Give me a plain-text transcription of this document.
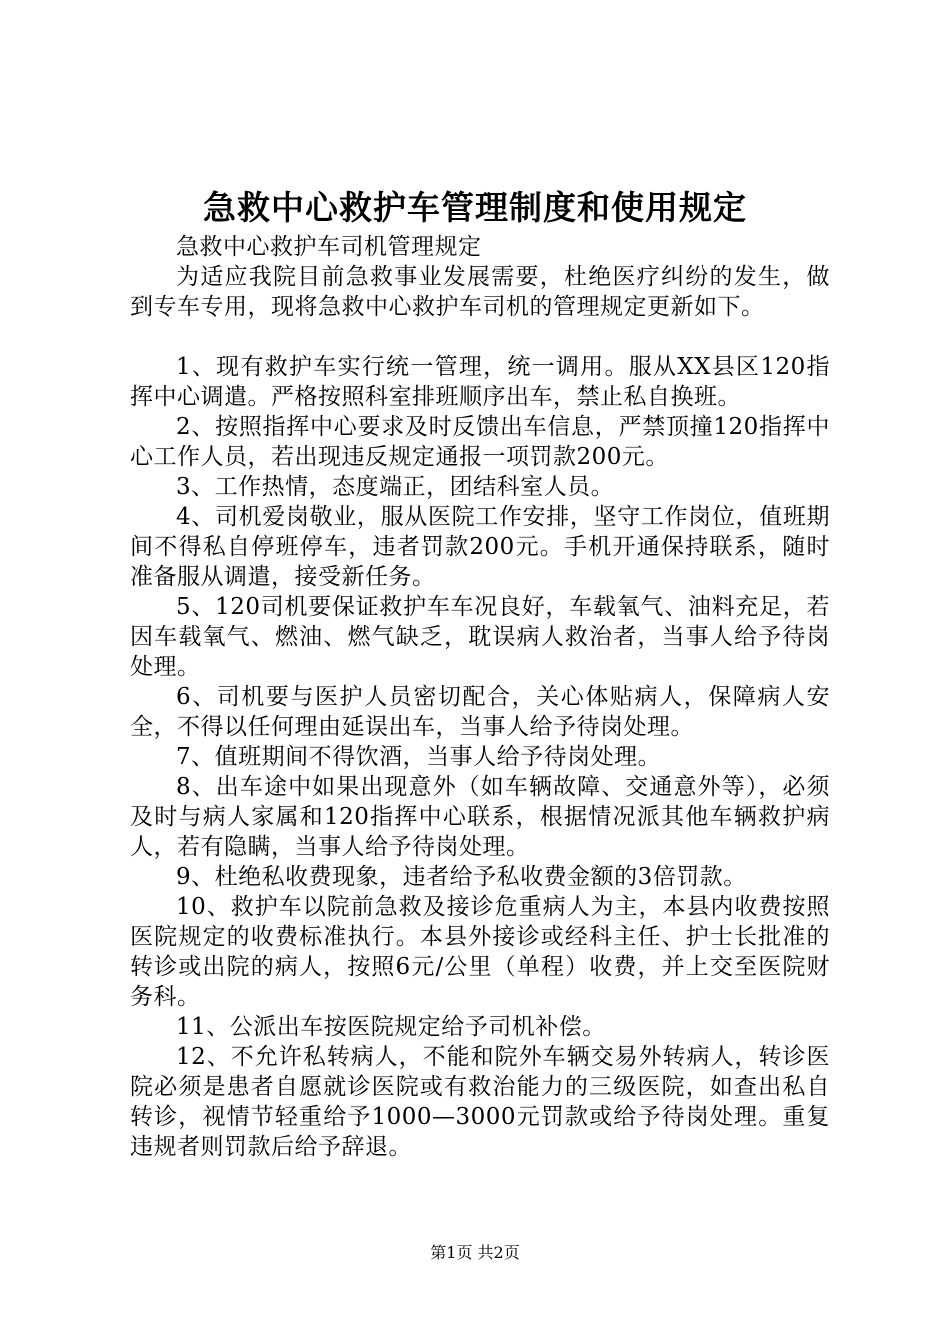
急救中心救护车管理制度和使用规定

急救中心救护车司机管理规定

为适应我院目前急救事业发展需要，杜绝医疗纠纷的发生，做到专车专用，现将急救中心救护车司机的管理规定更新如下。

1、现有救护车实行统一管理，统一调用。服从XX县区120指挥中心调遣。严格按照科室排班顺序出车，禁止私自换班。

2、按照指挥中心要求及时反馈出车信息，严禁顶撞120指挥中心工作人员，若出现违反规定通报一项罚款200元。

3、工作热情，态度端正，团结科室人员。

4、司机爱岗敬业，服从医院工作安排，坚守工作岗位，值班期间不得私自停班停车，违者罚款200元。手机开通保持联系，随时准备服从调遣，接受新任务。

5、120司机要保证救护车车况良好，车载氧气、油料充足，若因车载氧气、燃油、燃气缺乏，耽误病人救治者，当事人给予待岗处理。

6、司机要与医护人员密切配合，关心体贴病人，保障病人安全，不得以任何理由延误出车，当事人给予待岗处理。

7、值班期间不得饮酒，当事人给予待岗处理。

8、出车途中如果出现意外（如车辆故障、交通意外等），必须及时与病人家属和120指挥中心联系，根据情况派其他车辆救护病人，若有隐瞒，当事人给予待岗处理。

9、杜绝私收费现象，违者给予私收费金额的3倍罚款。

10、救护车以院前急救及接诊危重病人为主，本县内收费按照医院规定的收费标准执行。本县外接诊或经科主任、护士长批准的转诊或出院的病人，按照6元/公里（单程）收费，并上交至医院财务科。

11、公派出车按医院规定给予司机补偿。

12、不允许私转病人，不能和院外车辆交易外转病人，转诊医院必须是患者自愿就诊医院或有救治能力的三级医院，如查出私自转诊，视情节轻重给予1000—3000元罚款或给予待岗处理。重复违规者则罚款后给予辞退。

第1页 共2页
